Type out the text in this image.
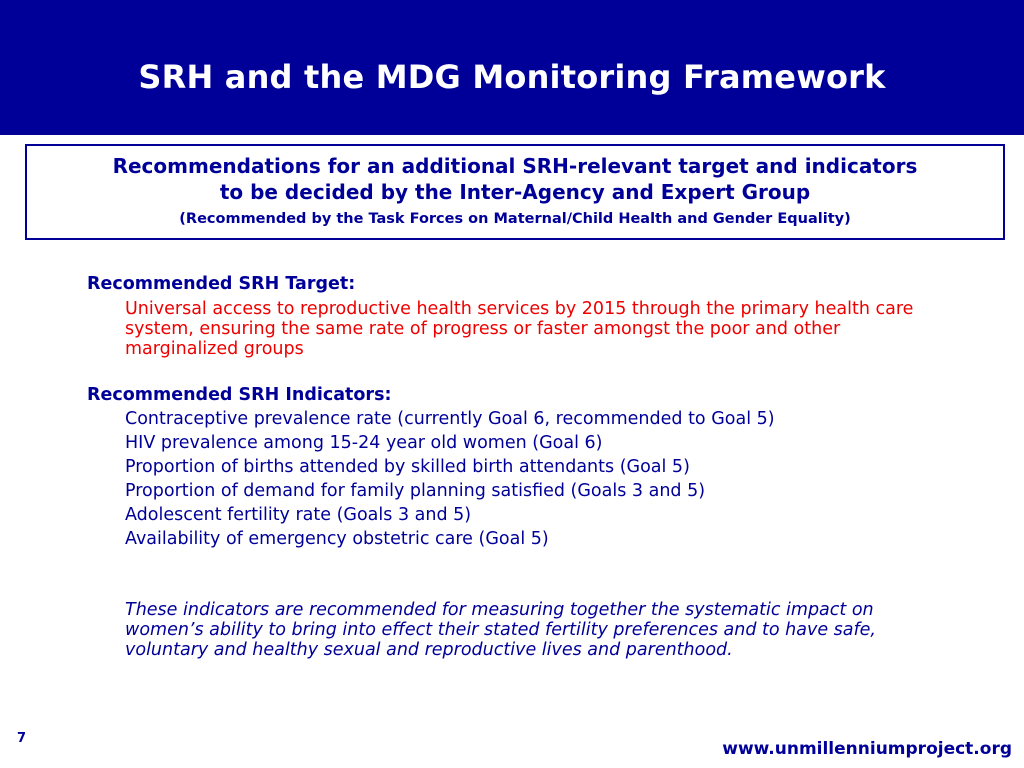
SRH and the MDG Monitoring Framework
Recommendations for an additional SRH-relevant target and indicators
to be decided by the Inter-Agency and Expert Group
(Recommended by the Task Forces on Maternal/Child Health and Gender Equality)
Recommended SRH Target:
Universal access to reproductive health services by 2015 through the primary health care system, ensuring the same rate of progress or faster amongst the poor and other marginalized groups
Recommended SRH Indicators:
Contraceptive prevalence rate (currently Goal 6, recommended to Goal 5)
HIV prevalence among 15-24 year old women (Goal 6)
Proportion of births attended by skilled birth attendants (Goal 5)
Proportion of demand for family planning satisfied (Goals 3 and 5)
Adolescent fertility rate (Goals 3 and 5)
Availability of emergency obstetric care (Goal 5)
These indicators are recommended for measuring together the systematic impact on women’s ability to bring into effect their stated fertility preferences and to have safe, voluntary and healthy sexual and reproductive lives and parenthood.
7
www.unmillenniumproject.org
